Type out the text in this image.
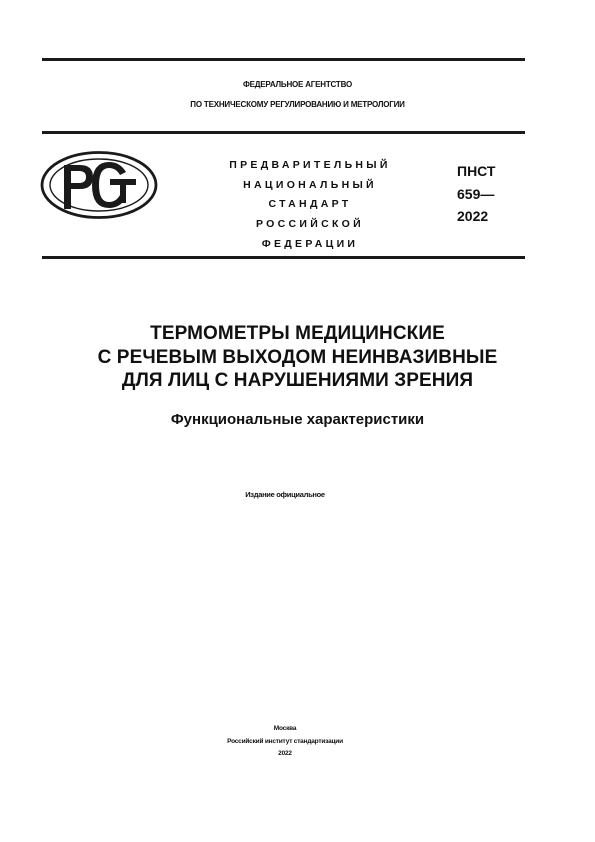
ФЕДЕРАЛЬНОЕ АГЕНТСТВО
ПО ТЕХНИЧЕСКОМУ РЕГУЛИРОВАНИЮ И МЕТРОЛОГИИ
ПРЕДВАРИТЕЛЬНЫЙ
НАЦИОНАЛЬНЫЙ
СТАНДАРТ
РОССИЙСКОЙ
ФЕДЕРАЦИИ
ПНСТ
659—
2022
ТЕРМОМЕТРЫ МЕДИЦИНСКИЕ
С РЕЧЕВЫМ ВЫХОДОМ НЕИНВАЗИВНЫЕ
ДЛЯ ЛИЦ С НАРУШЕНИЯМИ ЗРЕНИЯ
Функциональные характеристики
Издание официальное
Москва
Российский институт стандартизации
2022
